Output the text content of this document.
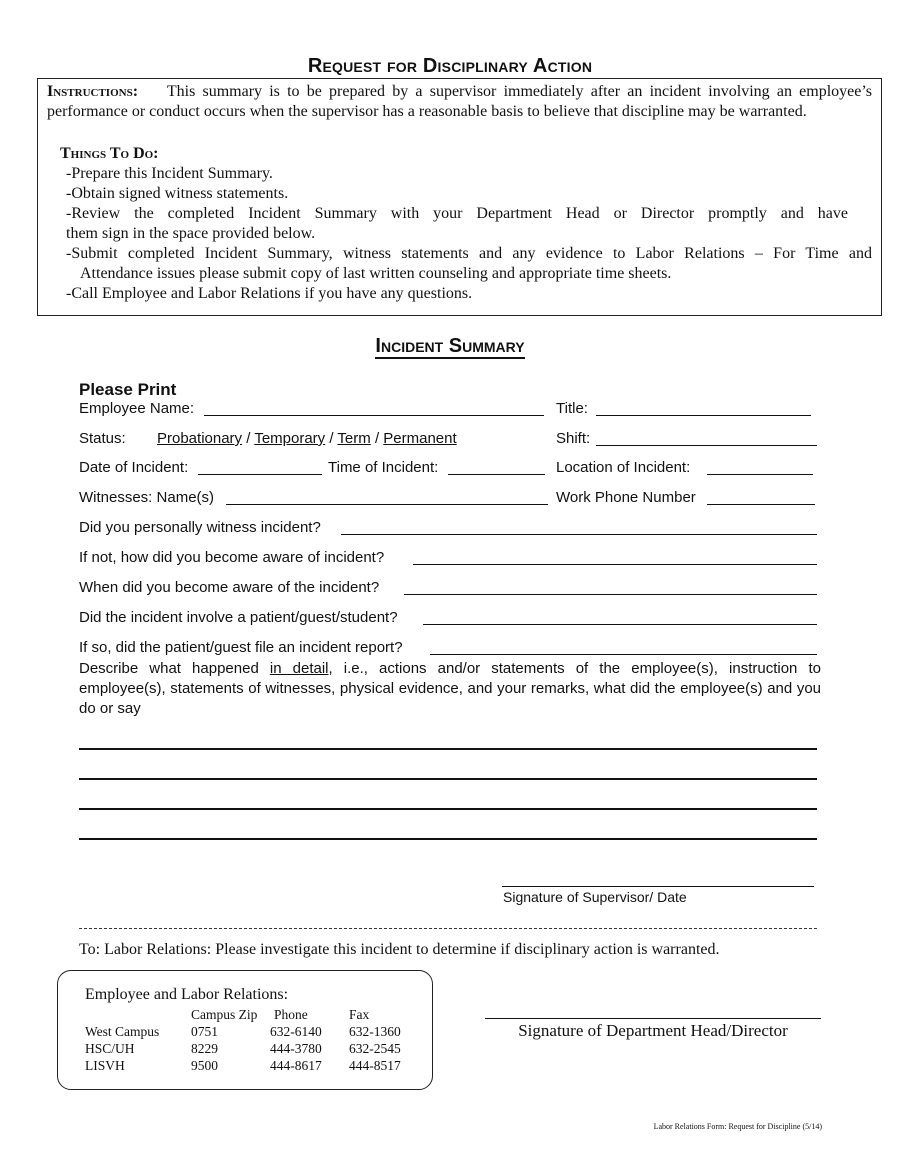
Request for Disciplinary Action
Instructions: This summary is to be prepared by a supervisor immediately after an incident involving an employee’s performance or conduct occurs when the supervisor has a reasonable basis to believe that discipline may be warranted.
Things To Do:
-Prepare this Incident Summary.
-Obtain signed witness statements.
-Review the completed Incident Summary with your Department Head or Director promptly and have
them sign in the space provided below.
-Submit completed Incident Summary, witness statements and any evidence to Labor Relations – For Time and
Attendance issues please submit copy of last written counseling and appropriate time sheets.
-Call Employee and Labor Relations if you have any questions.
Incident Summary
Please Print
Employee Name:	Title:
Status: Probationary / Temporary / Term / Permanent	Shift:
Date of Incident:	Time of Incident:	Location of Incident:
Witnesses: Name(s)	Work Phone Number
Did you personally witness incident?
If not, how did you become aware of incident?
When did you become aware of the incident?
Did the incident involve a patient/guest/student?
If so, did the patient/guest file an incident report?
Describe what happened in detail, i.e., actions and/or statements of the employee(s), instruction to employee(s), statements of witnesses, physical evidence, and your remarks, what did the employee(s) and you do or say
Signature of Supervisor/ Date
To: Labor Relations: Please investigate this incident to determine if disciplinary action is warranted.
Employee and Labor Relations:
Campus Zip Phone	Fax
West Campus 0751	632-6140 632-1360
HSC/UH	8229	444-3780 632-2545
LISVH	9500	444-8617 444-8517
Signature of Department Head/Director
Labor Relations Form: Request for Discipline (5/14)
